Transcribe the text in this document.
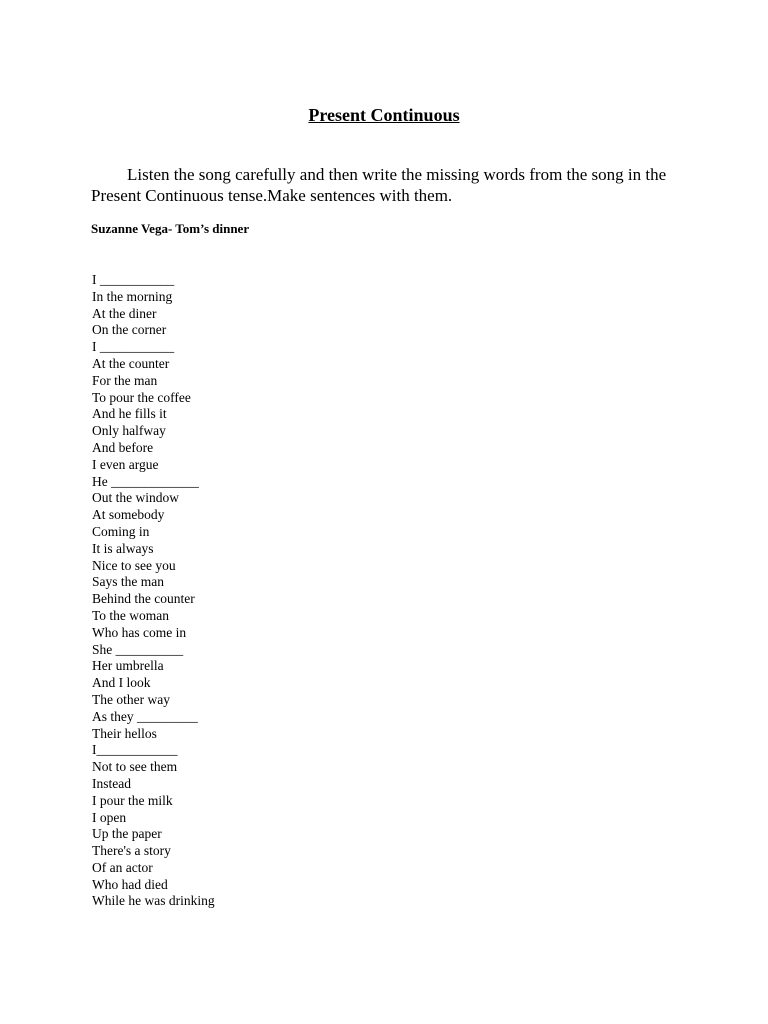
Present Continuous
Listen the song carefully and then write the missing words from the song in the Present Continuous tense.Make sentences with them.
Suzanne Vega- Tom’s dinner
I ___________
In the morning
At the diner
On the corner
I ___________
At the counter
For the man
To pour the coffee
And he fills it
Only halfway
And before
I even argue
He _____________
Out the window
At somebody
Coming in
It is always
Nice to see you
Says the man
Behind the counter
To the woman
Who has come in
She __________
Her umbrella
And I look
The other way
As they _________
Their hellos
I____________
Not to see them
Instead
I pour the milk
I open
Up the paper
There's a story
Of an actor
Who had died
While he was drinking
